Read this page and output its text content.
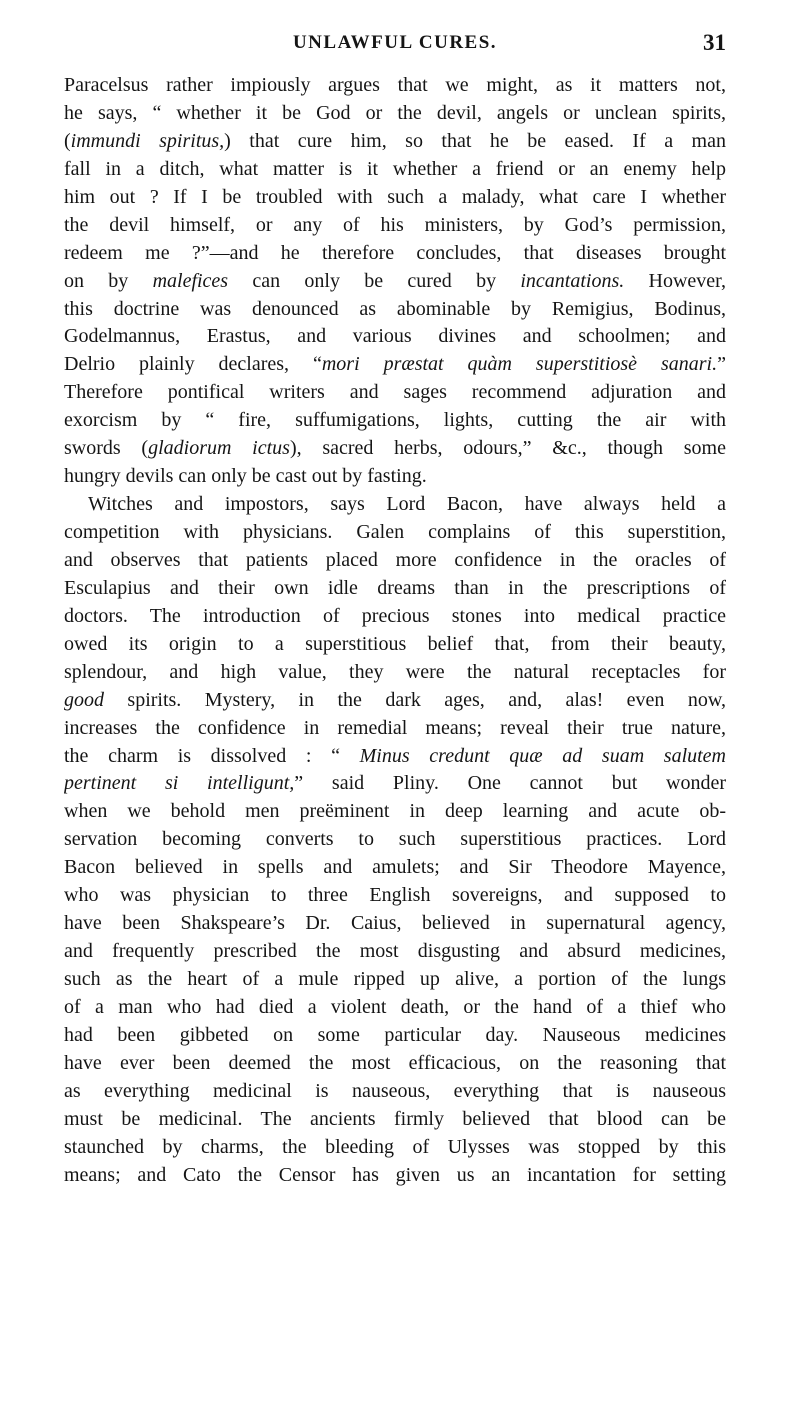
UNLAWFUL CURES.	31
Paracelsus rather impiously argues that we might, as it matters not,
he says, “ whether it be God or the devil, angels or unclean spirits,
(immundi spiritus,) that cure him, so that he be eased. If a man
fall in a ditch, what matter is it whether a friend or an enemy help
him out ? If I be troubled with such a malady, what care I whether
the devil himself, or any of his ministers, by God’s permission,
redeem me ?”—and he therefore concludes, that diseases brought
on by malefices can only be cured by incantations. However,
this doctrine was denounced as abominable by Remigius, Bodinus,
Godelmannus, Erastus, and various divines and schoolmen; and
Delrio plainly declares, “mori præstat quàm superstitiosè sanari.”
Therefore pontifical writers and sages recommend adjuration and
exorcism by “ fire, suffumigations, lights, cutting the air with
swords (gladiorum ictus), sacred herbs, odours,” &c., though some
hungry devils can only be cast out by fasting.
Witches and impostors, says Lord Bacon, have always held a
competition with physicians. Galen complains of this superstition,
and observes that patients placed more confidence in the oracles of
Esculapius and their own idle dreams than in the prescriptions of
doctors. The introduction of precious stones into medical practice
owed its origin to a superstitious belief that, from their beauty,
splendour, and high value, they were the natural receptacles for
good spirits. Mystery, in the dark ages, and, alas! even now,
increases the confidence in remedial means; reveal their true nature,
the charm is dissolved : “ Minus credunt quæ ad suam salutem
pertinent si intelligunt,” said Pliny. One cannot but wonder
when we behold men preëminent in deep learning and acute ob-
servation becoming converts to such superstitious practices. Lord
Bacon believed in spells and amulets; and Sir Theodore Mayence,
who was physician to three English sovereigns, and supposed to
have been Shakspeare’s Dr. Caius, believed in supernatural agency,
and frequently prescribed the most disgusting and absurd medicines,
such as the heart of a mule ripped up alive, a portion of the lungs
of a man who had died a violent death, or the hand of a thief who
had been gibbeted on some particular day. Nauseous medicines
have ever been deemed the most efficacious, on the reasoning that
as everything medicinal is nauseous, everything that is nauseous
must be medicinal. The ancients firmly believed that blood can be
staunched by charms, the bleeding of Ulysses was stopped by this
means; and Cato the Censor has given us an incantation for setting
